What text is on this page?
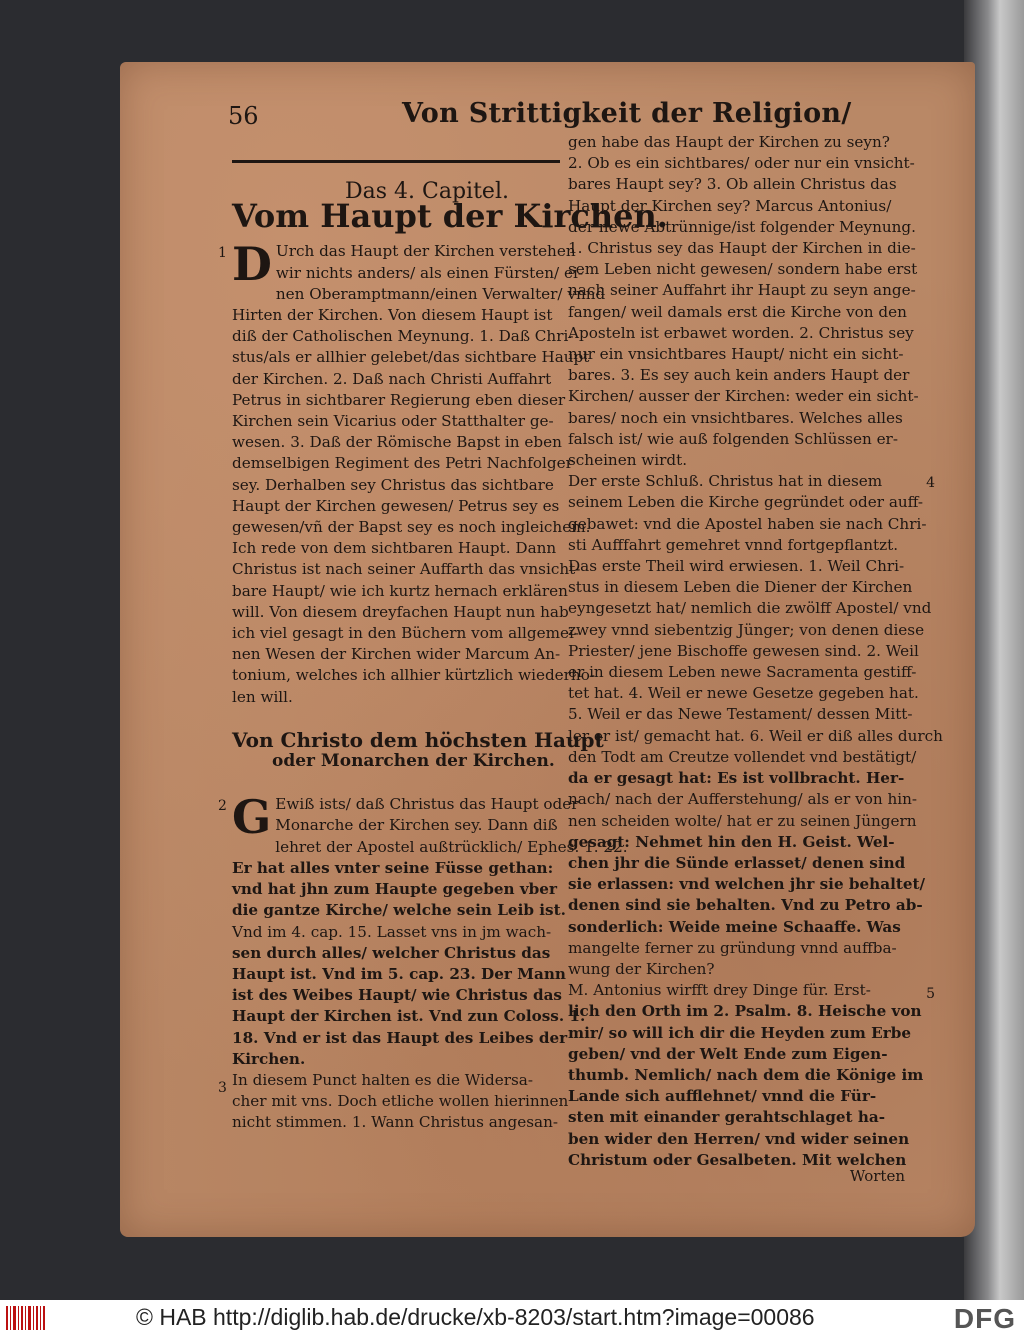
56	Von Strittigkeit der Religion/
Das 4. Capitel.
Vom Haupt der Kirchen.
1 D Urch das Haupt der Kirchen verstehen

wir nichts anders/ als einen Fürsten/ ei-

nen Oberamptmann/einen Verwalter/ vnnd

Hirten der Kirchen. Von diesem Haupt ist

diß der Catholischen Meynung. 1. Daß Chri-

stus/als er allhier gelebet/das sichtbare Haupt

der Kirchen. 2. Daß nach Christi Auffahrt

Petrus in sichtbarer Regierung eben dieser

Kirchen sein Vicarius oder Statthalter ge-

wesen. 3. Daß der Römische Bapst in eben

demselbigen Regiment des Petri Nachfolger

sey. Derhalben sey Christus das sichtbare

Haupt der Kirchen gewesen/ Petrus sey es

gewesen/vñ der Bapst sey es noch ingleichem.

Ich rede von dem sichtbaren Haupt. Dann

Christus ist nach seiner Auffarth das vnsicht-

bare Haupt/ wie ich kurtz hernach erklären

will. Von diesem dreyfachen Haupt nun hab

ich viel gesagt in den Büchern vom allgemei-

nen Wesen der Kirchen wider Marcum An-

tonium, welches ich allhier kürtzlich wiederho-

len will.

Von Christo dem höchsten Haupt
oder Monarchen der Kirchen.
2 G Ewiß ists/ daß Christus das Haupt oder

Monarche der Kirchen sey. Dann diß

lehret der Apostel außtrücklich/ Ephes. 1. 22.

Er hat alles vnter seine Füsse gethan:

vnd hat jhn zum Haupte gegeben vber

die gantze Kirche/ welche sein Leib ist.

Vnd im 4. cap. 15. Lasset vns in jm wach-

sen durch alles/ welcher Christus das

Haupt ist. Vnd im 5. cap. 23. Der Mann

ist des Weibes Haupt/ wie Christus das

Haupt der Kirchen ist. Vnd zun Coloss. 1.

18. Vnd er ist das Haupt des Leibes der

Kirchen.

3 In diesem Punct halten es die Widersa-

cher mit vns. Doch etliche wollen hierinnen

nicht stimmen. 1. Wann Christus angesan-

gen habe das Haupt der Kirchen zu seyn?

2. Ob es ein sichtbares/ oder nur ein vnsicht-

bares Haupt sey? 3. Ob allein Christus das

Haupt der Kirchen sey? Marcus Antonius/

der newe Abtrünnige/ist folgender Meynung.

1. Christus sey das Haupt der Kirchen in die-

sem Leben nicht gewesen/ sondern habe erst

nach seiner Auffahrt ihr Haupt zu seyn ange-

fangen/ weil damals erst die Kirche von den

Aposteln ist erbawet worden. 2. Christus sey

nur ein vnsichtbares Haupt/ nicht ein sicht-

bares. 3. Es sey auch kein anders Haupt der

Kirchen/ ausser der Kirchen: weder ein sicht-

bares/ noch ein vnsichtbares. Welches alles

falsch ist/ wie auß folgenden Schlüssen er-

scheinen wirdt.

4

Der erste Schluß. Christus hat in diesem

seinem Leben die Kirche gegründet oder auff-

gebawet: vnd die Apostel haben sie nach Chri-

sti Aufffahrt gemehret vnnd fortgepflantzt.

Das erste Theil wird erwiesen. 1. Weil Chri-

stus in diesem Leben die Diener der Kirchen

eyngesetzt hat/ nemlich die zwölff Apostel/ vnd

zwey vnnd siebentzig Jünger; von denen diese

Priester/ jene Bischoffe gewesen sind. 2. Weil

er in diesem Leben newe Sacramenta gestiff-

tet hat. 4. Weil er newe Gesetze gegeben hat.

5. Weil er das Newe Testament/ dessen Mitt-

ler er ist/ gemacht hat. 6. Weil er diß alles durch

den Todt am Creutze vollendet vnd bestätigt/

da er gesagt hat: Es ist vollbracht. Her-

nach/ nach der Aufferstehung/ als er von hin-

nen scheiden wolte/ hat er zu seinen Jüngern

gesagt: Nehmet hin den H. Geist. Wel-

chen jhr die Sünde erlasset/ denen sind

sie erlassen: vnd welchen jhr sie behaltet/

denen sind sie behalten. Vnd zu Petro ab-

sonderlich: Weide meine Schaaffe. Was

mangelte ferner zu gründung vnnd auffba-

wung der Kirchen?

5

M. Antonius wirfft drey Dinge für. Erst-

lich den Orth im 2. Psalm. 8. Heische von

mir/ so will ich dir die Heyden zum Erbe

geben/ vnd der Welt Ende zum Eigen-

thumb. Nemlich/ nach dem die Könige im

Lande sich aufflehnet/ vnnd die Für-

sten mit einander gerahtschlaget ha-

ben wider den Herren/ vnd wider seinen

Christum oder Gesalbeten. Mit welchen

Worten
© HAB http://diglib.hab.de/drucke/xb-8203/start.htm?image=00086	DFG
